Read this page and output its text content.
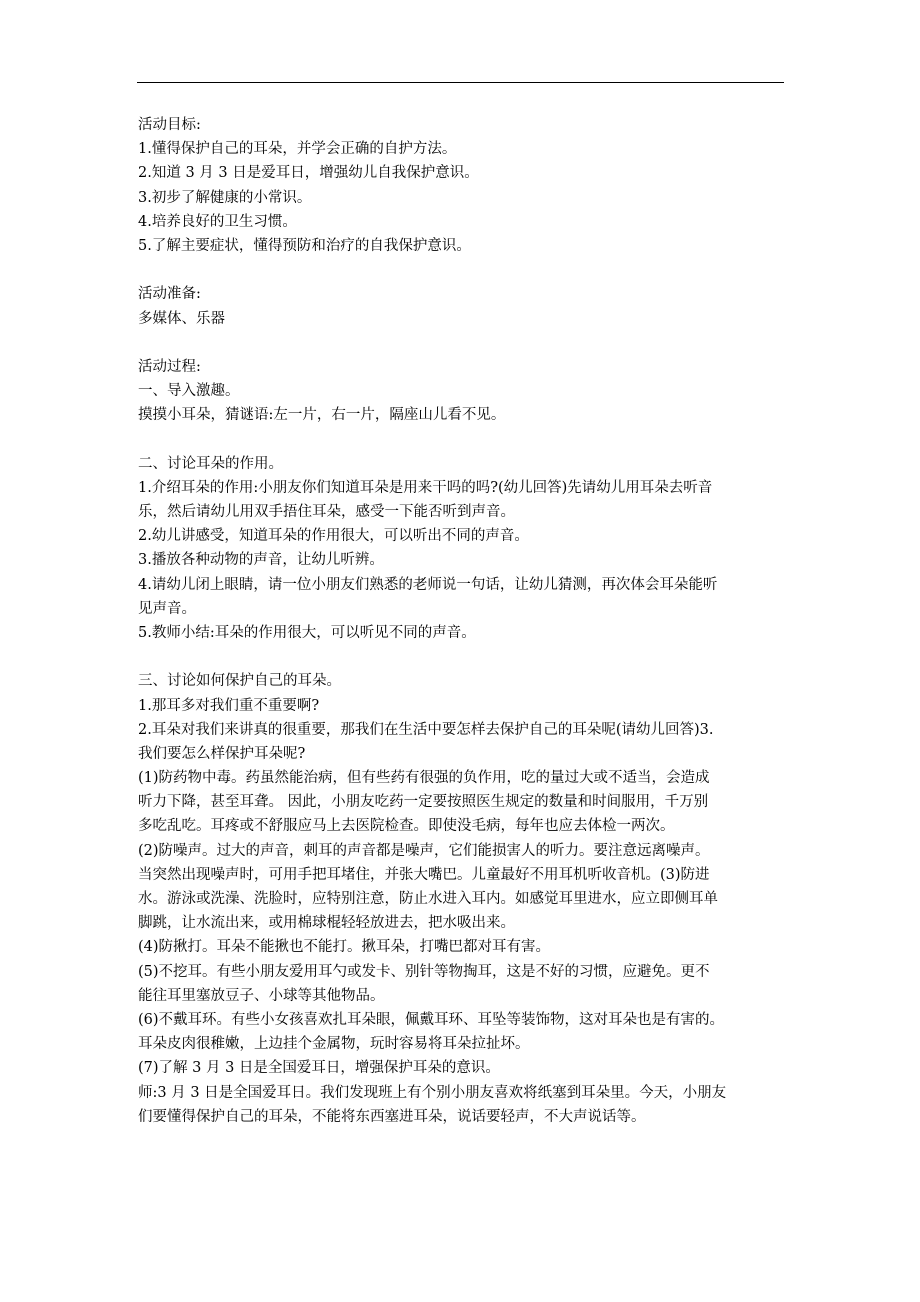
活动目标:
1.懂得保护自己的耳朵，并学会正确的自护方法。
2.知道 3 月 3 日是爱耳日，增强幼儿自我保护意识。
3.初步了解健康的小常识。
4.培养良好的卫生习惯。
5.了解主要症状，懂得预防和治疗的自我保护意识。
活动准备:
多媒体、乐器
活动过程:
一、导入激趣。
摸摸小耳朵，猜谜语:左一片，右一片，隔座山儿看不见。
二、讨论耳朵的作用。
1.介绍耳朵的作用:小朋友你们知道耳朵是用来干吗的吗?(幼儿回答)先请幼儿用耳朵去听音
乐，然后请幼儿用双手捂住耳朵，感受一下能否听到声音。
2.幼儿讲感受，知道耳朵的作用很大，可以听出不同的声音。
3.播放各种动物的声音，让幼儿听辨。
4.请幼儿闭上眼睛，请一位小朋友们熟悉的老师说一句话，让幼儿猜测，再次体会耳朵能听
见声音。
5.教师小结:耳朵的作用很大，可以听见不同的声音。
三、讨论如何保护自己的耳朵。
1.那耳多对我们重不重要啊?
2.耳朵对我们来讲真的很重要，那我们在生活中要怎样去保护自己的耳朵呢(请幼儿回答)3.
我们要怎么样保护耳朵呢?
(1)防药物中毒。药虽然能治病，但有些药有很强的负作用，吃的量过大或不适当，会造成
听力下降，甚至耳聋。 因此，小朋友吃药一定要按照医生规定的数量和时间服用，千万别
多吃乱吃。耳疼或不舒服应马上去医院检查。即使没毛病，每年也应去体检一两次。
(2)防噪声。过大的声音，刺耳的声音都是噪声，它们能损害人的听力。要注意远离噪声。
当突然出现噪声时，可用手把耳堵住，并张大嘴巴。儿童最好不用耳机听收音机。(3)防进
水。游泳或洗澡、洗脸时，应特别注意，防止水进入耳内。如感觉耳里进水，应立即侧耳单
脚跳，让水流出来，或用棉球棍轻轻放进去，把水吸出来。
(4)防揪打。耳朵不能揪也不能打。揪耳朵，打嘴巴都对耳有害。
(5)不挖耳。有些小朋友爱用耳勺或发卡、别针等物掏耳，这是不好的习惯，应避免。更不
能往耳里塞放豆子、小球等其他物品。
(6)不戴耳环。有些小女孩喜欢扎耳朵眼，佩戴耳环、耳坠等装饰物，这对耳朵也是有害的。
耳朵皮肉很稚嫩，上边挂个金属物，玩时容易将耳朵拉扯坏。
(7)了解 3 月 3 日是全国爱耳日，增强保护耳朵的意识。
师:3 月 3 日是全国爱耳日。我们发现班上有个别小朋友喜欢将纸塞到耳朵里。今天，小朋友
们要懂得保护自己的耳朵，不能将东西塞进耳朵，说话要轻声，不大声说话等。
